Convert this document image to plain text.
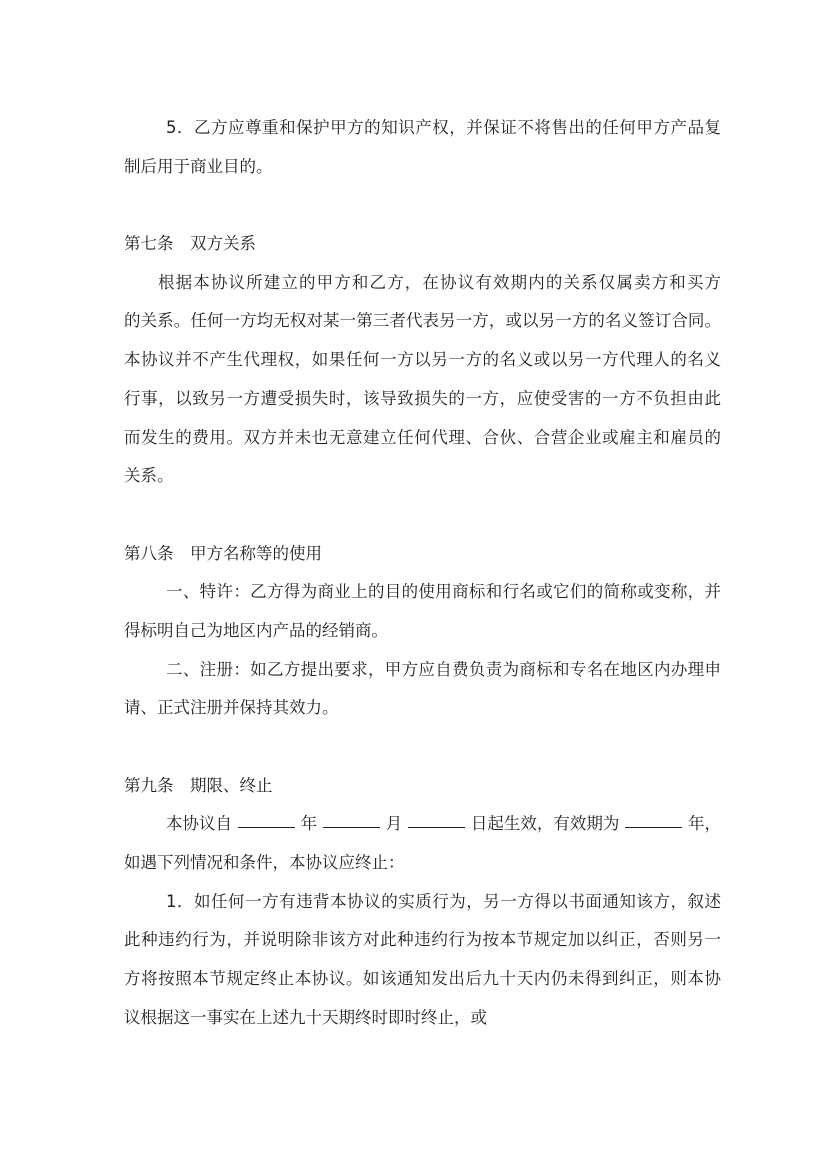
5．乙方应尊重和保护甲方的知识产权，并保证不将售出的任何甲方产品复
制后用于商业目的。
第七条　双方关系
根据本协议所建立的甲方和乙方，在协议有效期内的关系仅属卖方和买方
的关系。任何一方均无权对某一第三者代表另一方，或以另一方的名义签订合同。
本协议并不产生代理权，如果任何一方以另一方的名义或以另一方代理人的名义
行事，以致另一方遭受损失时，该导致损失的一方，应使受害的一方不负担由此
而发生的费用。双方并未也无意建立任何代理、合伙、合营企业或雇主和雇员的
关系。
第八条　甲方名称等的使用
一、特许：乙方得为商业上的目的使用商标和行名或它们的简称或变称，并
得标明自己为地区内产品的经销商。
二、注册：如乙方提出要求，甲方应自费负责为商标和专名在地区内办理申
请、正式注册并保持其效力。
第九条　期限、终止
本协议自	年	月	日起生效，有效期为	年，
如遇下列情况和条件，本协议应终止：
1．如任何一方有违背本协议的实质行为，另一方得以书面通知该方，叙述
此种违约行为，并说明除非该方对此种违约行为按本节规定加以纠正，否则另一
方将按照本节规定终止本协议。如该通知发出后九十天内仍未得到纠正，则本协
议根据这一事实在上述九十天期终时即时终止，或
